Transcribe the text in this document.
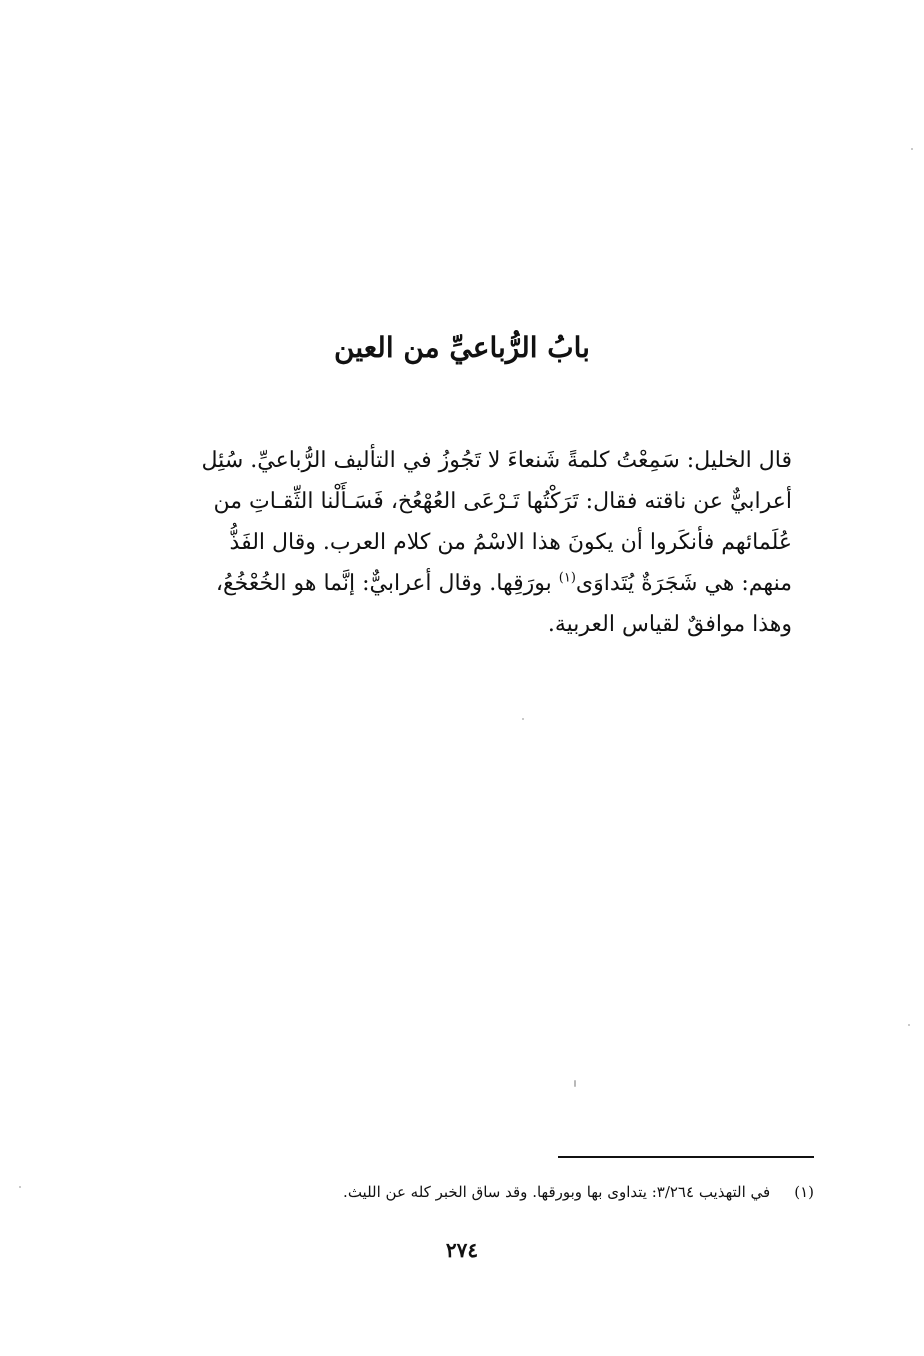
بابُ الرُّباعيِّ من العين
قال الخليل: سَمِعْتُ كلمةً شَنعاءَ لا تَجُوزُ في التأليف الرُّباعيِّ. سُئِل
أعرابيٌّ عن ناقته فقال: تَرَكْتُها تَـرْعَى العُهْعُخ، فَسَـأَلْنا الثِّقـاتِ من
عُلَمائهم فأنكَروا أن يكونَ هذا الاسْمُ من كلام العرب. وقال الفَذُّ
منهم: هي شَجَرَةٌ يُتَداوَى$^{(١)}$ بورَقِها. وقال أعرابيٌّ: إنَّما هو الخُعْخُعُ،
وهذا موافقٌ لقياس العربية.
(١)في التهذيب ٣/٢٦٤: يتداوى بها وبورقها. وقد ساق الخبر كله عن الليث.
٢٧٤
